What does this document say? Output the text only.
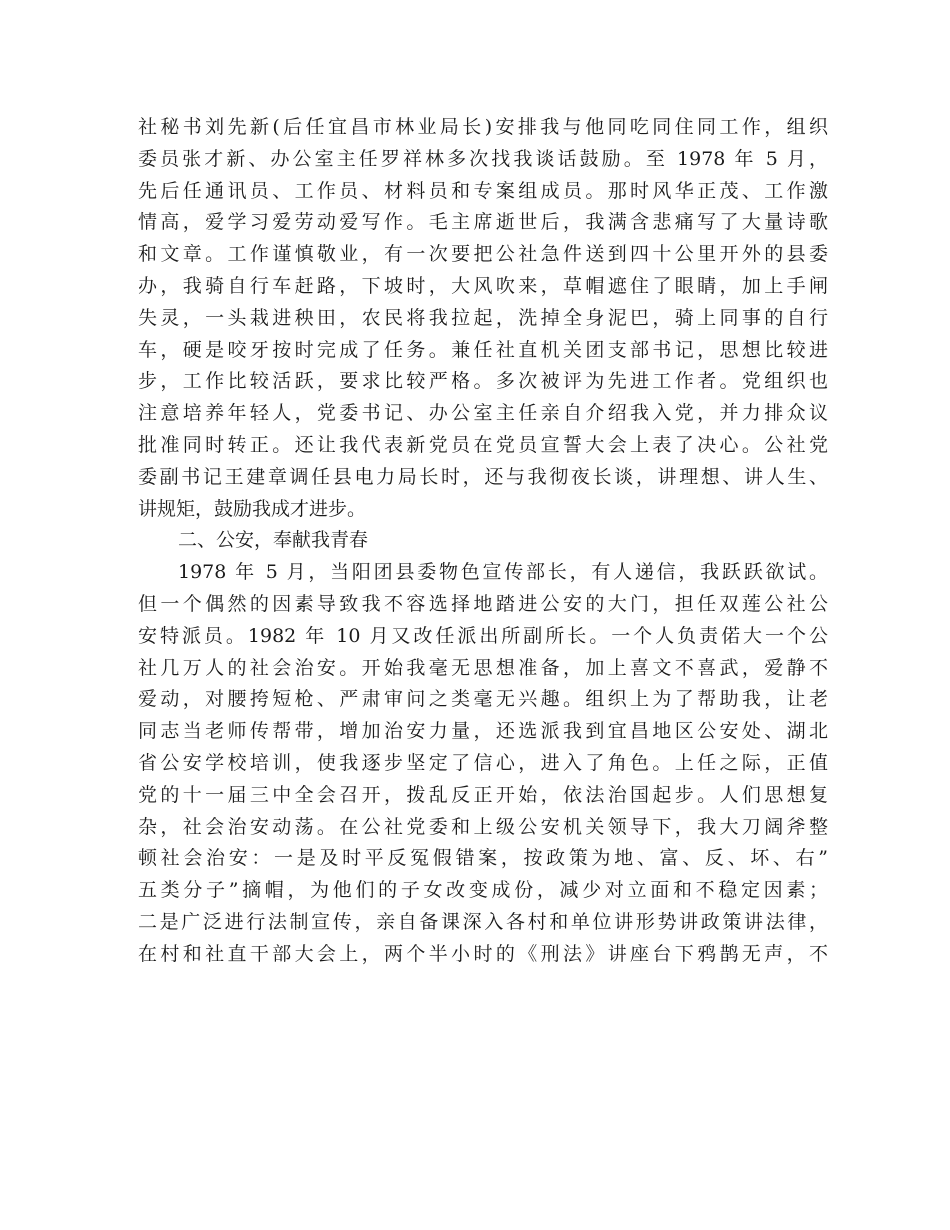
社秘书刘先新(后任宜昌市林业局长)安排我与他同吃同住同工作，组织
委员张才新、办公室主任罗祥林多次找我谈话鼓励。至 1978 年 5 月，
先后任通讯员、工作员、材料员和专案组成员。那时风华正茂、工作激
情高，爱学习爱劳动爱写作。毛主席逝世后，我满含悲痛写了大量诗歌
和文章。工作谨慎敬业，有一次要把公社急件送到四十公里开外的县委
办，我骑自行车赶路，下坡时，大风吹来，草帽遮住了眼睛，加上手闸
失灵，一头栽进秧田，农民将我拉起，洗掉全身泥巴，骑上同事的自行
车，硬是咬牙按时完成了任务。兼任社直机关团支部书记，思想比较进
步，工作比较活跃，要求比较严格。多次被评为先进工作者。党组织也
注意培养年轻人，党委书记、办公室主任亲自介绍我入党，并力排众议
批准同时转正。还让我代表新党员在党员宣誓大会上表了决心。公社党
委副书记王建章调任县电力局长时，还与我彻夜长谈，讲理想、讲人生、
讲规矩，鼓励我成才进步。
二、公安，奉献我青春
1978 年 5 月，当阳团县委物色宣传部长，有人递信，我跃跃欲试。
但一个偶然的因素导致我不容选择地踏进公安的大门，担任双莲公社公
安特派员。1982 年 10 月又改任派出所副所长。一个人负责偌大一个公
社几万人的社会治安。开始我毫无思想准备，加上喜文不喜武，爱静不
爱动，对腰挎短枪、严肃审问之类毫无兴趣。组织上为了帮助我，让老
同志当老师传帮带，增加治安力量，还选派我到宜昌地区公安处、湖北
省公安学校培训，使我逐步坚定了信心，进入了角色。上任之际，正值
党的十一届三中全会召开，拨乱反正开始，依法治国起步。人们思想复
杂，社会治安动荡。在公社党委和上级公安机关领导下，我大刀阔斧整
顿社会治安：一是及时平反冤假错案，按政策为地、富、反、坏、右”
五类分子”摘帽，为他们的子女改变成份，减少对立面和不稳定因素；
二是广泛进行法制宣传，亲自备课深入各村和单位讲形势讲政策讲法律，
在村和社直干部大会上，两个半小时的《刑法》讲座台下鸦鹊无声，不
